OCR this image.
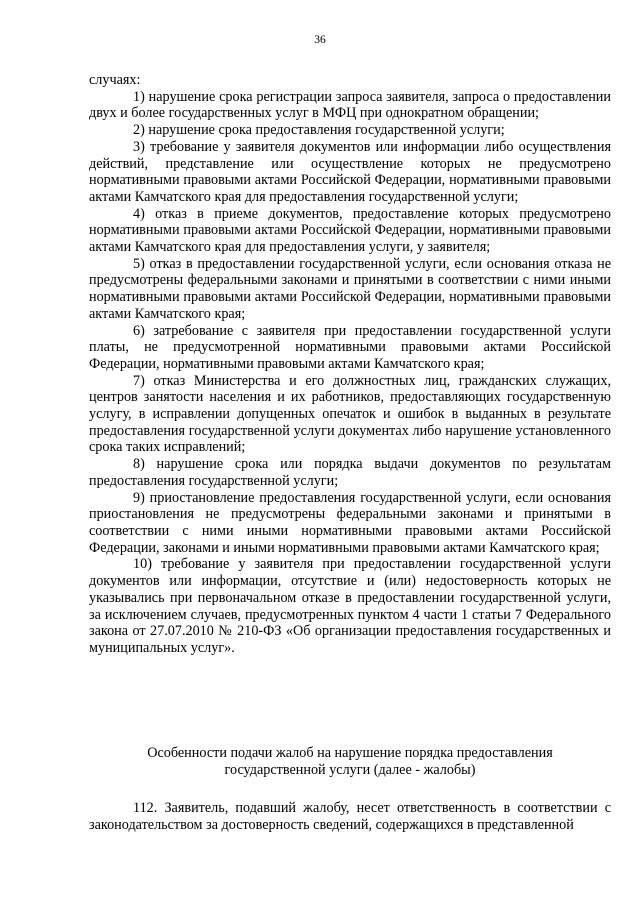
36

случаях:

1) нарушение срока регистрации запроса заявителя, запроса о предоставлении двух и более государственных услуг в МФЦ при однократном обращении;

2) нарушение срока предоставления государственной услуги;

3) требование у заявителя документов или информации либо осуществления действий, представление или осуществление которых не предусмотрено нормативными правовыми актами Российской Федерации, нормативными правовыми актами Камчатского края для предоставления государственной услуги;

4) отказ в приеме документов, предоставление которых предусмотрено нормативными правовыми актами Российской Федерации, нормативными правовыми актами Камчатского края для предоставления услуги, у заявителя;

5) отказ в предоставлении государственной услуги, если основания отказа не предусмотрены федеральными законами и принятыми в соответствии с ними иными нормативными правовыми актами Российской Федерации, нормативными правовыми актами Камчатского края;

6) затребование с заявителя при предоставлении государственной услуги платы, не предусмотренной нормативными правовыми актами Российской Федерации, нормативными правовыми актами Камчатского края;

7) отказ Министерства и его должностных лиц, гражданских служащих, центров занятости населения и их работников, предоставляющих государственную услугу, в исправлении допущенных опечаток и ошибок в выданных в результате предоставления государственной услуги документах либо нарушение установленного срока таких исправлений;

8) нарушение срока или порядка выдачи документов по результатам предоставления государственной услуги;

9) приостановление предоставления государственной услуги, если основания приостановления не предусмотрены федеральными законами и принятыми в соответствии с ними иными нормативными правовыми актами Российской Федерации, законами и иными нормативными правовыми актами Камчатского края;

10) требование у заявителя при предоставлении государственной услуги документов или информации, отсутствие и (или) недостоверность которых не указывались при первоначальном отказе в предоставлении государственной услуги, за исключением случаев, предусмотренных пунктом 4 части 1 статьи 7 Федерального закона от 27.07.2010 № 210-ФЗ «Об организации предоставления государственных и муниципальных услуг».

Особенности подачи жалоб на нарушение порядка предоставления
государственной услуги (далее - жалобы)

112. Заявитель, подавший жалобу, несет ответственность в соответствии с законодательством за достоверность сведений, содержащихся в представленной
